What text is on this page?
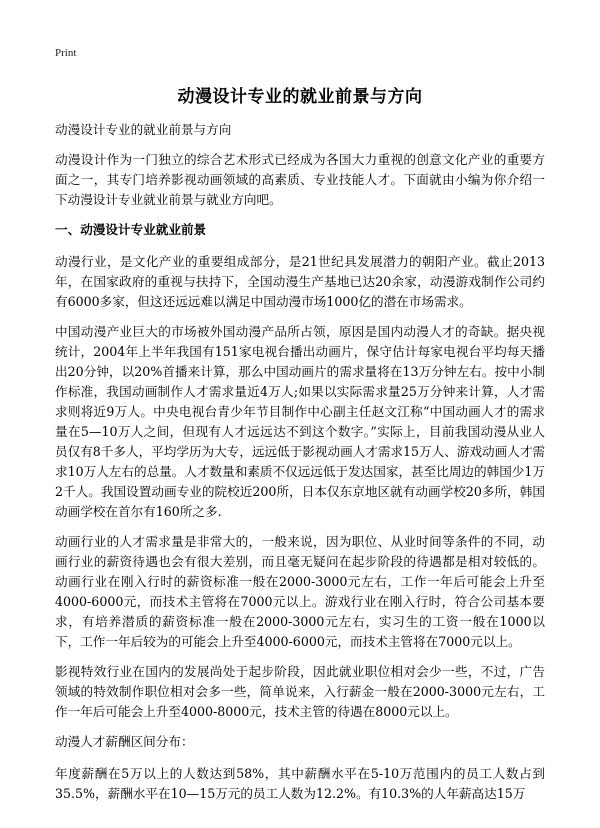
Print
动漫设计专业的就业前景与方向

动漫设计专业的就业前景与方向

动漫设计作为一门独立的综合艺术形式已经成为各国大力重视的创意文化产业的重要方面之一，其专门培养影视动画领域的高素质、专业技能人才。下面就由小编为你介绍一下动漫设计专业就业前景与就业方向吧。

一、动漫设计专业就业前景

动漫行业，是文化产业的重要组成部分，是21世纪具发展潜力的朝阳产业。截止2013年，在国家政府的重视与扶持下，全国动漫生产基地已达20余家，动漫游戏制作公司约有6000多家，但这还远远难以满足中国动漫市场1000亿的潜在市场需求。

中国动漫产业巨大的市场被外国动漫产品所占领，原因是国内动漫人才的奇缺。据央视统计，2004年上半年我国有151家电视台播出动画片，保守估计每家电视台平均每天播出20分钟，以20%首播来计算，那么中国动画片的需求量将在13万分钟左右。按中小制作标准，我国动画制作人才需求量近4万人;如果以实际需求量25万分钟来计算，人才需求则将近9万人。中央电视台青少年节目制作中心副主任赵文江称“中国动画人才的需求量在5—10万人之间，但现有人才远远达不到这个数字。”实际上，目前我国动漫从业人员仅有8千多人，平均学历为大专，远远低于影视动画人才需求15万人、游戏动画人才需求10万人左右的总量。人才数量和素质不仅远远低于发达国家，甚至比周边的韩国少1万2千人。我国设置动画专业的院校近200所，日本仅东京地区就有动画学校20多所，韩国动画学校在首尔有160所之多.

动画行业的人才需求量是非常大的，一般来说，因为职位、从业时间等条件的不同，动画行业的薪资待遇也会有很大差别，而且毫无疑问在起步阶段的待遇都是相对较低的。动画行业在刚入行时的薪资标准一般在2000-3000元左右，工作一年后可能会上升至4000-6000元，而技术主管将在7000元以上。游戏行业在刚入行时，符合公司基本要求，有培养潜质的薪资标准一般在2000-3000元左右，实习生的工资一般在1000以下，工作一年后较为的可能会上升至4000-6000元，而技术主管将在7000元以上。

影视特效行业在国内的发展尚处于起步阶段，因此就业职位相对会少一些，不过，广告领域的特效制作职位相对会多一些，简单说来，入行薪金一般在2000-3000元左右，工作一年后可能会上升至4000-8000元，技术主管的待遇在8000元以上。

动漫人才薪酬区间分布：

年度薪酬在5万以上的人数达到58%，其中薪酬水平在5-10万范围内的员工人数占到35.5%，薪酬水平在10—15万元的员工人数为12.2%。有10.3%的人年薪高达15万
